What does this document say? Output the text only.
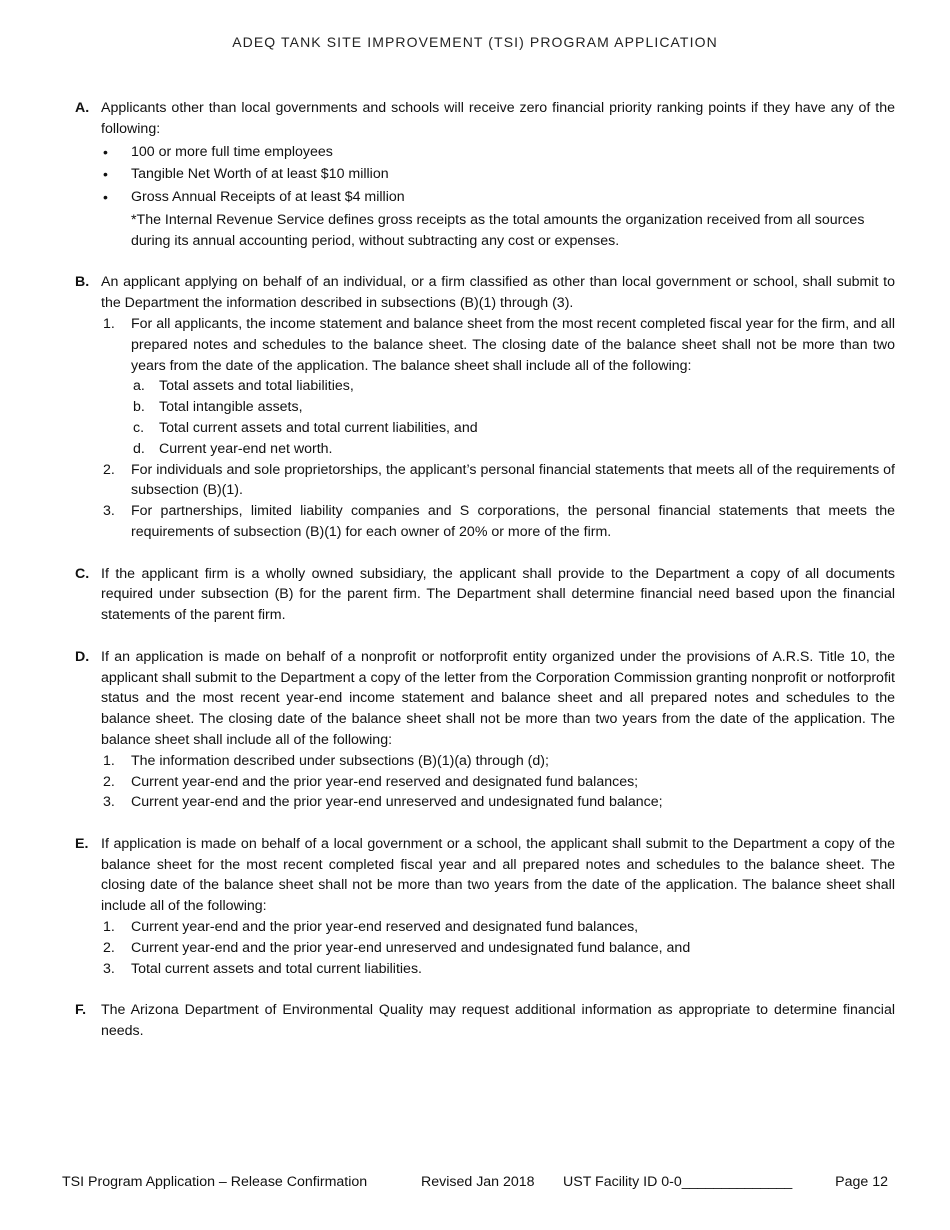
ADEQ TANK SITE IMPROVEMENT (TSI) PROGRAM APPLICATION
A. Applicants other than local governments and schools will receive zero financial priority ranking points if they have any of the following:
• 100 or more full time employees
• Tangible Net Worth of at least $10 million
• Gross Annual Receipts of at least $4 million
*The Internal Revenue Service defines gross receipts as the total amounts the organization received from all sources during its annual accounting period, without subtracting any cost or expenses.
B. An applicant applying on behalf of an individual, or a firm classified as other than local government or school, shall submit to the Department the information described in subsections (B)(1) through (3).
1. For all applicants, the income statement and balance sheet from the most recent completed fiscal year for the firm, and all prepared notes and schedules to the balance sheet. The closing date of the balance sheet shall not be more than two years from the date of the application. The balance sheet shall include all of the following:
a. Total assets and total liabilities,
b. Total intangible assets,
c. Total current assets and total current liabilities, and
d. Current year-end net worth.
2. For individuals and sole proprietorships, the applicant’s personal financial statements that meets all of the requirements of subsection (B)(1).
3. For partnerships, limited liability companies and S corporations, the personal financial statements that meets the requirements of subsection (B)(1) for each owner of 20% or more of the firm.
C. If the applicant firm is a wholly owned subsidiary, the applicant shall provide to the Department a copy of all documents required under subsection (B) for the parent firm. The Department shall determine financial need based upon the financial statements of the parent firm.
D. If an application is made on behalf of a nonprofit or notforprofit entity organized under the provisions of A.R.S. Title 10, the applicant shall submit to the Department a copy of the letter from the Corporation Commission granting nonprofit or notforprofit status and the most recent year-end income statement and balance sheet and all prepared notes and schedules to the balance sheet. The closing date of the balance sheet shall not be more than two years from the date of the application. The balance sheet shall include all of the following:
1. The information described under subsections (B)(1)(a) through (d);
2. Current year-end and the prior year-end reserved and designated fund balances;
3. Current year-end and the prior year-end unreserved and undesignated fund balance;
E. If application is made on behalf of a local government or a school, the applicant shall submit to the Department a copy of the balance sheet for the most recent completed fiscal year and all prepared notes and schedules to the balance sheet. The closing date of the balance sheet shall not be more than two years from the date of the application. The balance sheet shall include all of the following:
1. Current year-end and the prior year-end reserved and designated fund balances,
2. Current year-end and the prior year-end unreserved and undesignated fund balance, and
3. Total current assets and total current liabilities.
F. The Arizona Department of Environmental Quality may request additional information as appropriate to determine financial needs.
TSI Program Application – Release Confirmation	Revised Jan 2018 UST Facility ID 0-0______________	Page 12
